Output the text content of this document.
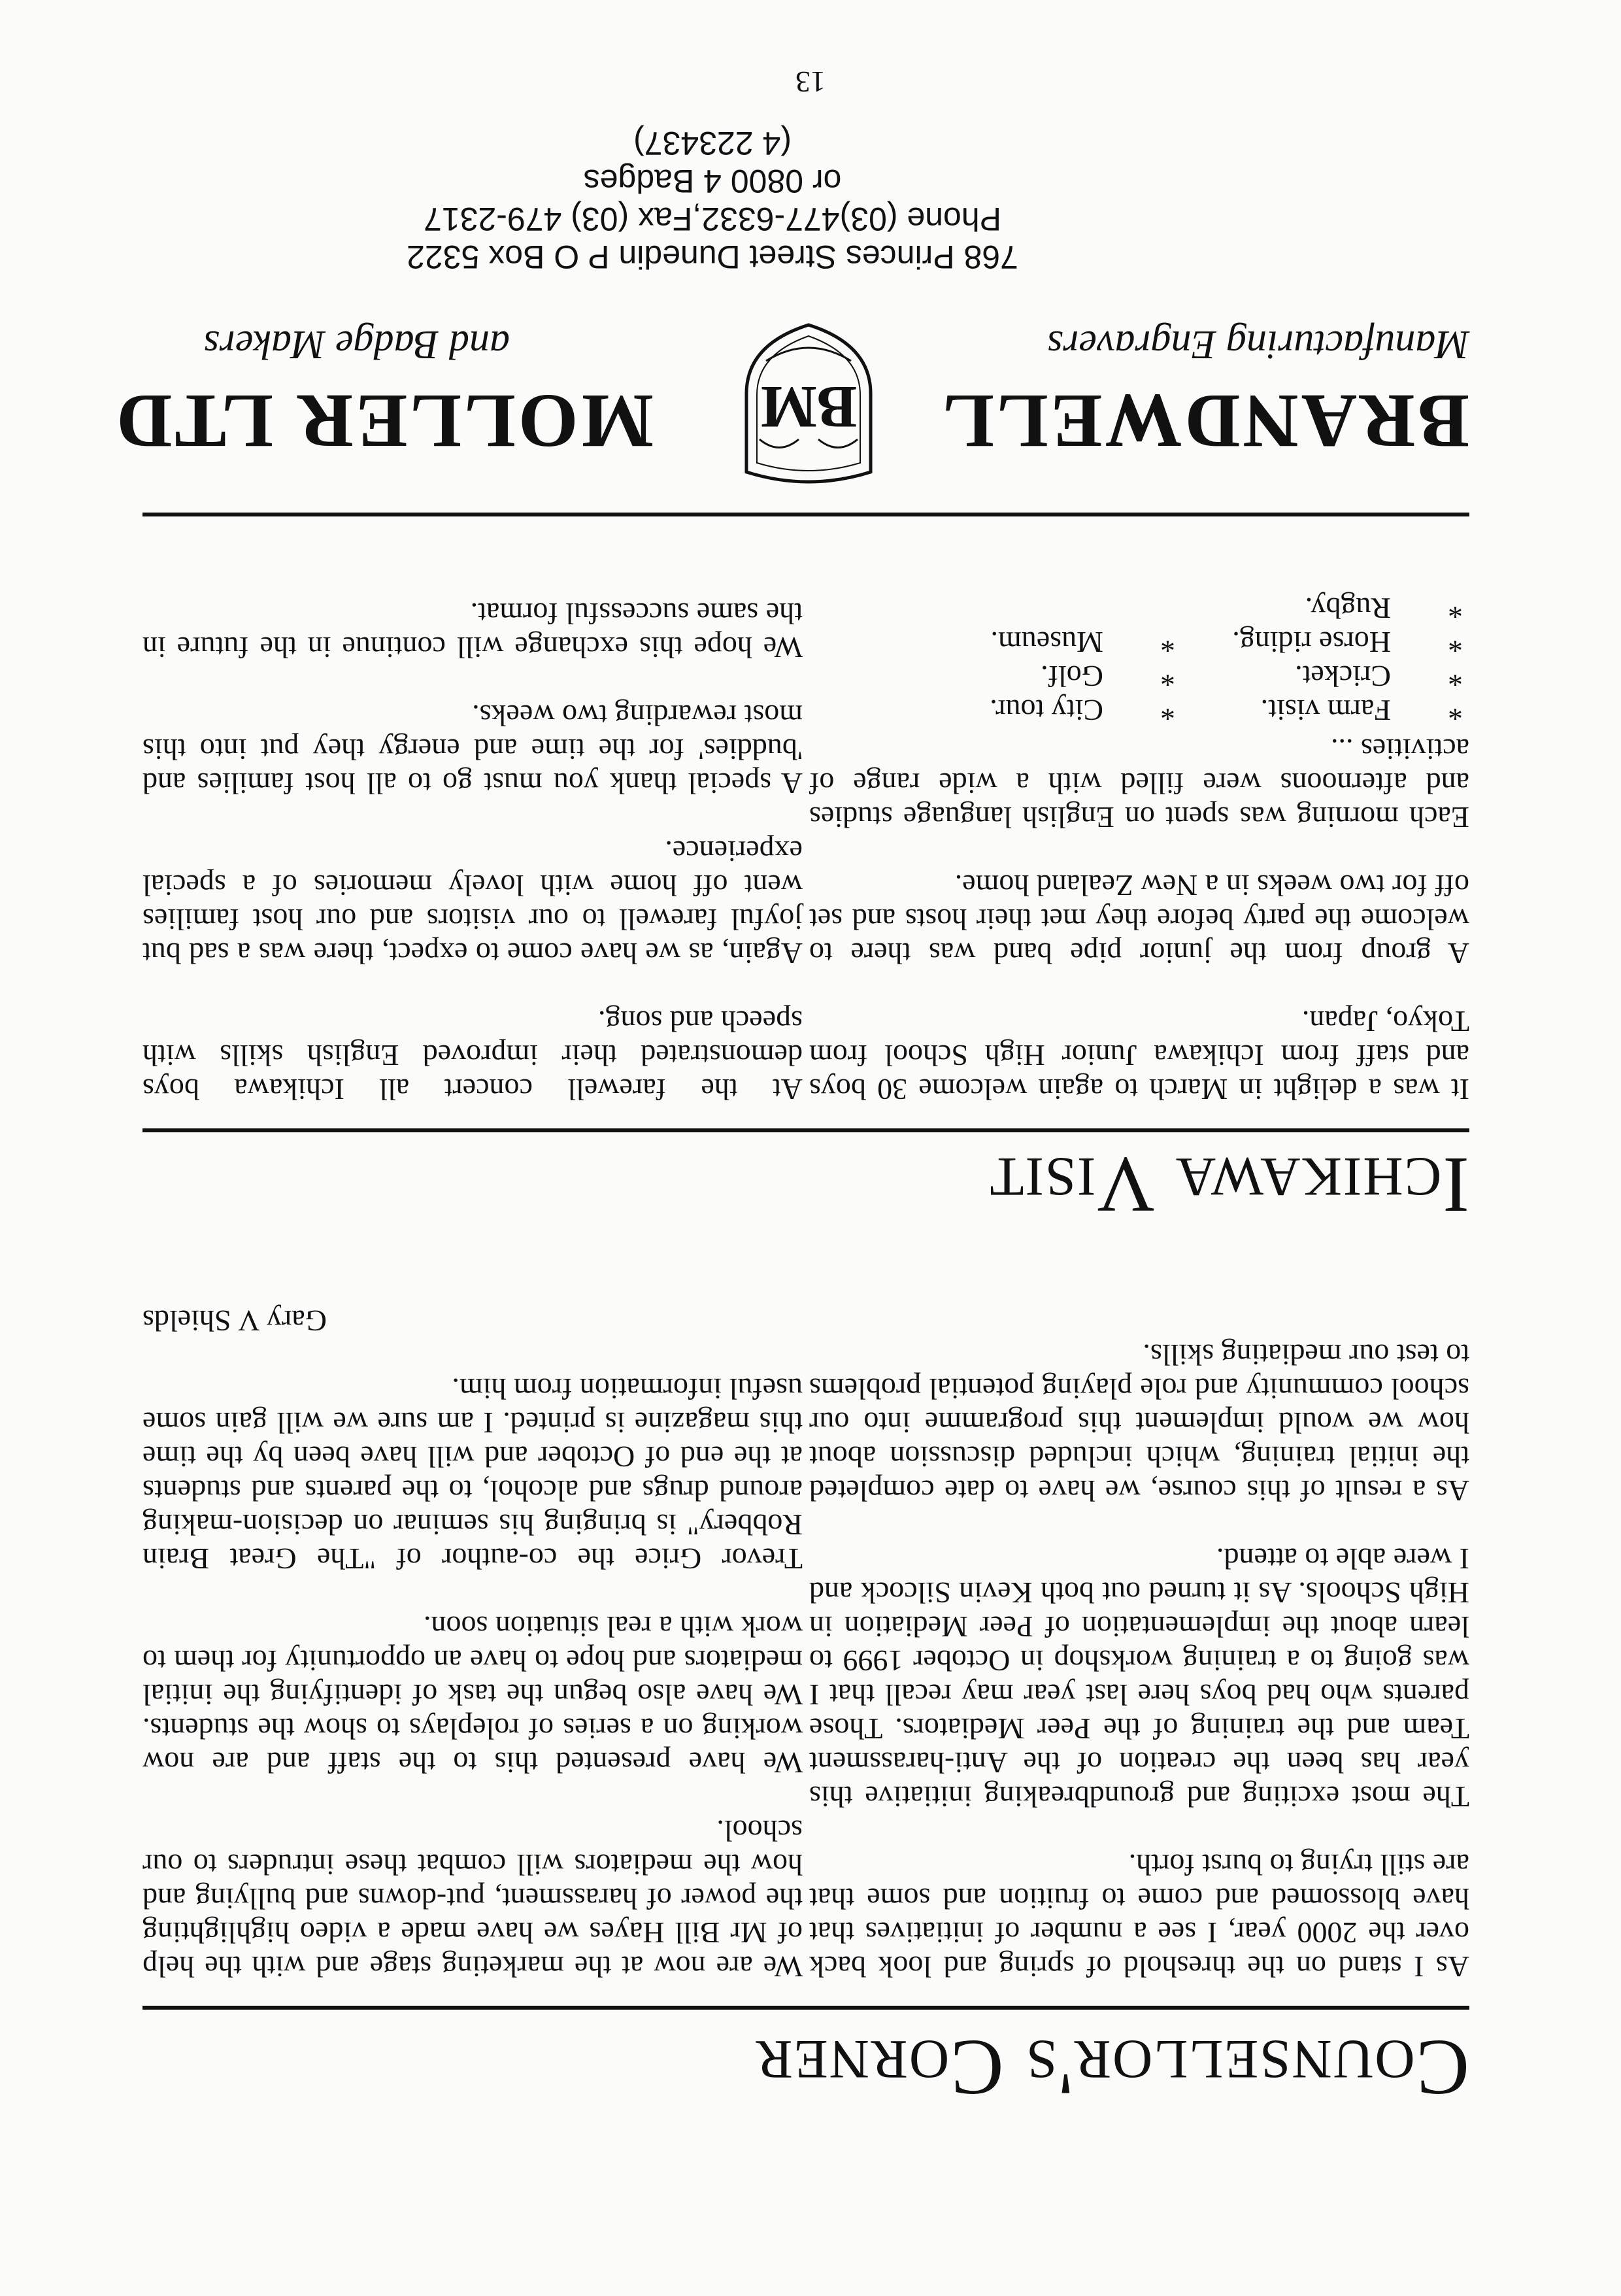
13
Counsellor's Corner

As I stand on the threshold of spring and look back over the 2000 year, I see a number of initiatives that have blossomed and come to fruition and some that are still trying to burst forth.

The most exciting and groundbreaking initiative this year has been the creation of the Anti-harassment Team and the training of the Peer Mediators. Those parents who had boys here last year may recall that I was going to a training workshop in October 1999 to learn about the implementation of Peer Mediation in High Schools. As it turned out both Kevin Silcock and I were able to attend.

As a result of this course, we have to date completed the initial training, which included discussion about how we would implement this programme into our school community and role playing potential problems to test our mediating skills.

We are now at the marketing stage and with the help of Mr Bill Hayes we have made a video highlighting the power of harassment, put-downs and bullying and how the mediators will combat these intruders to our school.

We have presented this to the staff and are now working on a series of roleplays to show the students. We have also begun the task of identifying the initial mediators and hope to have an opportunity for them to work with a real situation soon.

Trevor Grice the co-author of "The Great Brain Robbery" is bringing his seminar on decision-making around drugs and alcohol, to the parents and students at the end of October and will have been by the time this magazine is printed. I am sure we will gain some useful information from him.

Gary V Shields
Ichikawa Visit

It was a delight in March to again welcome 30 boys and staff from Ichikawa Junior High School from Tokyo, Japan.

A group from the junior pipe band was there to welcome the party before they met their hosts and set off for two weeks in a New Zealand home.

Each morning was spent on English language studies and afternoons were filled with a wide range of activities ...

*
Farm visit.
*
City tour.
*
Cricket.
*
Golf.
*
Horse riding.
*
Museum.
*
Rugby.

At the farewell concert all Ichikawa boys demonstrated their improved English skills with speech and song.

Again, as we have come to expect, there was a sad but joyful farewell to our visitors and our host families went off home with lovely memories of a special experience.

A special thank you must go to all host families and 'buddies' for the time and energy they put into this most rewarding two weeks.

We hope this exchange will continue in the future in the same successful format.

BRANDWELL
MOLLER LTD BM
Manufacturing Engravers
and Badge Makers
768 Princes Street Dunedin P O Box 5322
Phone (03)477-6332,Fax (03) 479-2317
or 0800 4 Badges
(4 223437)
